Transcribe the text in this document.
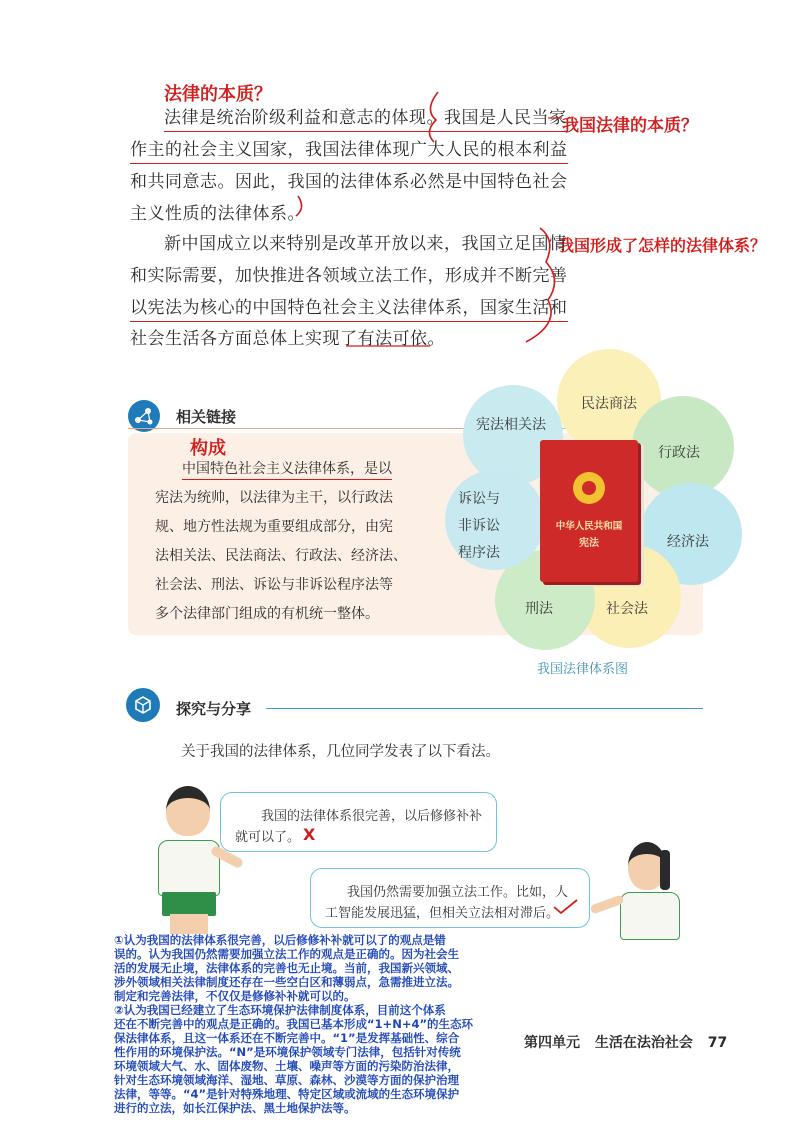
法律的本质？
我国法律的本质？
我国形成了怎样的法律体系？
法律是统治阶级利益和意志的体现。我国是人民当家
作主的社会主义国家，我国法律体现广大人民的根本利益
和共同意志。因此，我国的法律体系必然是中国特色社会
主义性质的法律体系。
新中国成立以来特别是改革开放以来，我国立足国情
和实际需要，加快推进各领域立法工作，形成并不断完善
以宪法为核心的中国特色社会主义法律体系，国家生活和
社会生活各方面总体上实现了有法可依。
相关链接
构成
中国特色社会主义法律体系，是以
宪法为统帅，以法律为主干，以行政法
规、地方性法规为重要组成部分，由宪
法相关法、民法商法、行政法、经济法、
社会法、刑法、诉讼与非诉讼程序法等
多个法律部门组成的有机统一整体。
宪法相关法
民法商法
行政法
经济法
社会法
刑法
诉讼与
非诉讼
程序法
中华人民共和国
宪法
我国法律体系图
探究与分享
关于我国的法律体系，几位同学发表了以下看法。
我国的法律体系很完善，以后修修补补
就可以了。 X
我国仍然需要加强立法工作。比如，人
工智能发展迅猛，但相关立法相对滞后。
①认为我国的法律体系很完善，以后修修补补就可以了的观点是错
误的。认为我国仍然需要加强立法工作的观点是正确的。因为社会生
活的发展无止境，法律体系的完善也无止境。当前，我国新兴领域、
涉外领域相关法律制度还存在一些空白区和薄弱点，急需推进立法。
制定和完善法律，不仅仅是修修补补就可以的。
②认为我国已经建立了生态环境保护法律制度体系，目前这个体系
还在不断完善中的观点是正确的。我国已基本形成“1+N+4”的生态环
保法律体系，且这一体系还在不断完善中。“1”是发挥基础性、综合
性作用的环境保护法。“N”是环境保护领域专门法律，包括针对传统
环境领域大气、水、固体废物、土壤、噪声等方面的污染防治法律，
针对生态环境领域海洋、湿地、草原、森林、沙漠等方面的保护治理
法律，等等。“4”是针对特殊地理、特定区域或流域的生态环境保护
进行的立法，如长江保护法、黑土地保护法等。
第四单元 生活在法治社会 77
